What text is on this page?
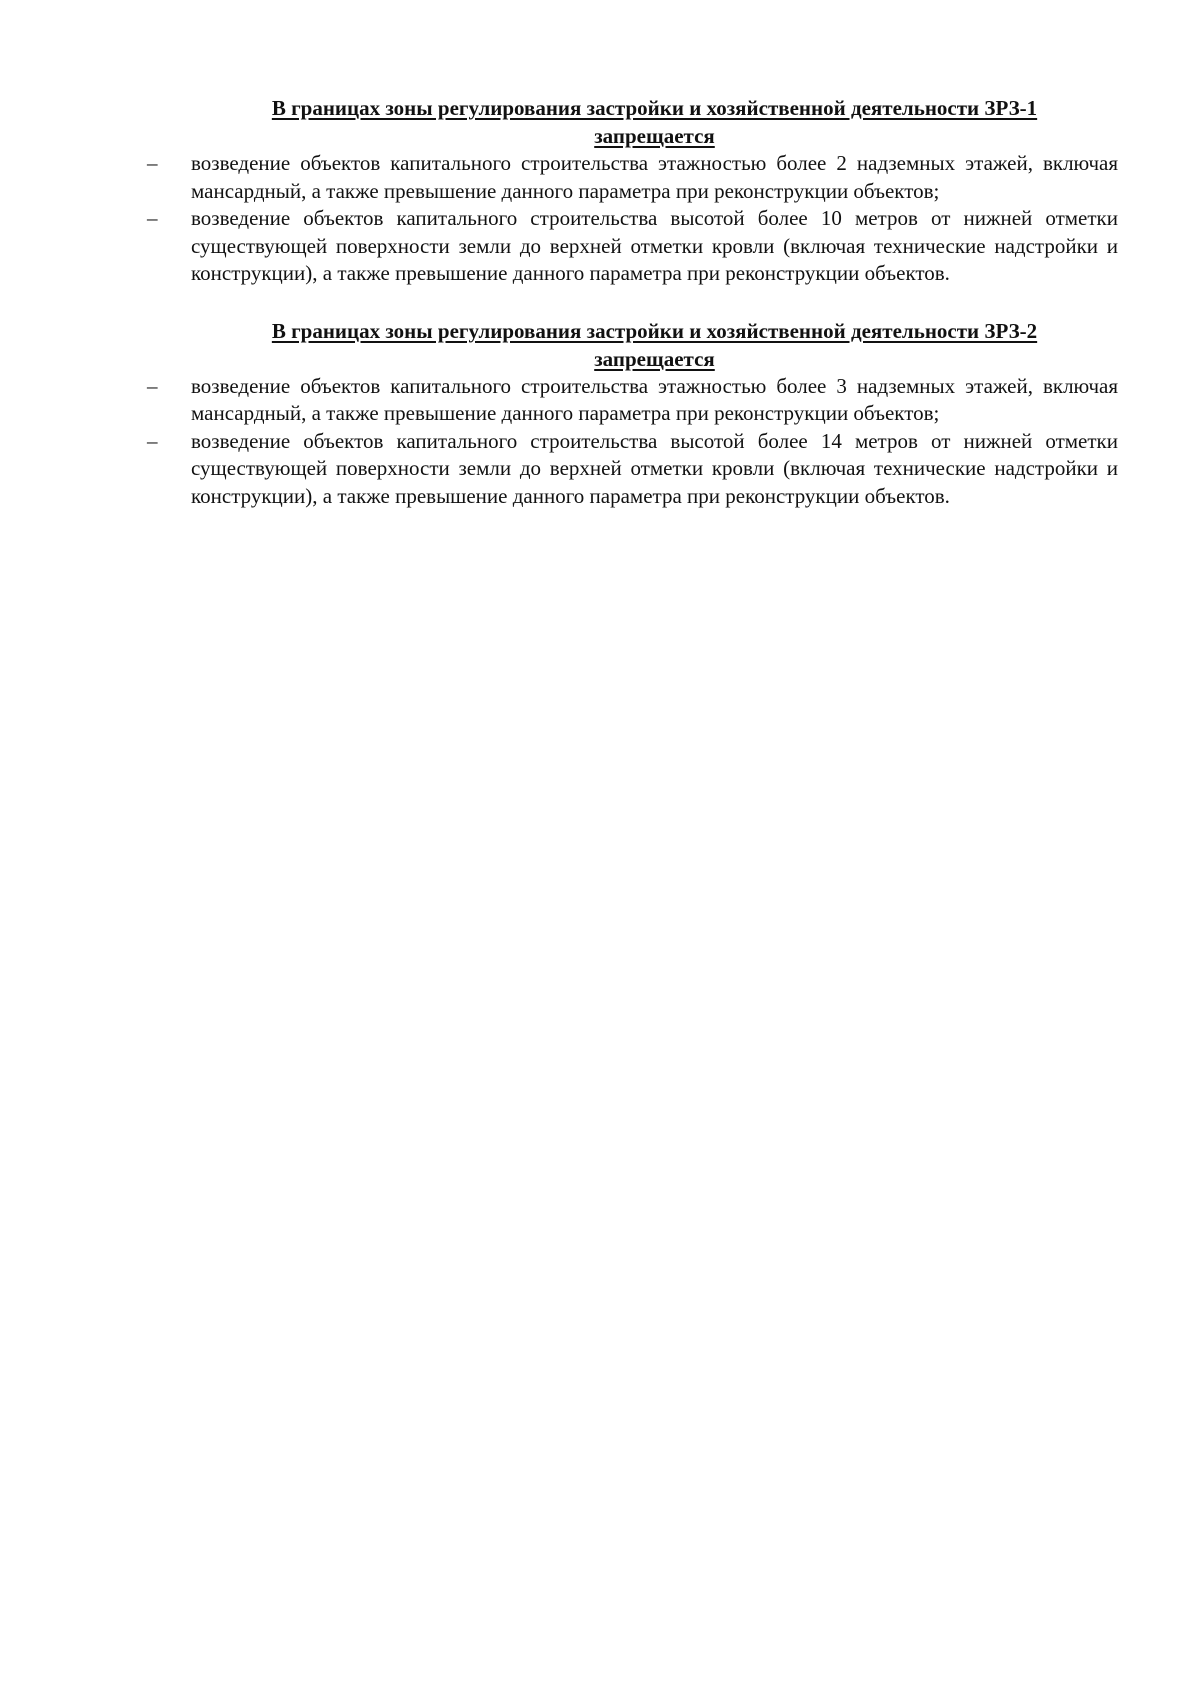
В границах зоны регулирования застройки и хозяйственной деятельности ЗРЗ-1
запрещается
–	возведение объектов капитального строительства этажностью более 2 надземных этажей, включая мансардный, а также превышение данного параметра при реконструкции объектов;
–	возведение объектов капитального строительства высотой более 10 метров от нижней отметки существующей поверхности земли до верхней отметки кровли (включая технические надстройки и конструкции), а также превышение данного параметра при реконструкции объектов.
В границах зоны регулирования застройки и хозяйственной деятельности ЗРЗ-2
запрещается
–	возведение объектов капитального строительства этажностью более 3 надземных этажей, включая мансардный, а также превышение данного параметра при реконструкции объектов;
–	возведение объектов капитального строительства высотой более 14 метров от нижней отметки существующей поверхности земли до верхней отметки кровли (включая технические надстройки и конструкции), а также превышение данного параметра при реконструкции объектов.
